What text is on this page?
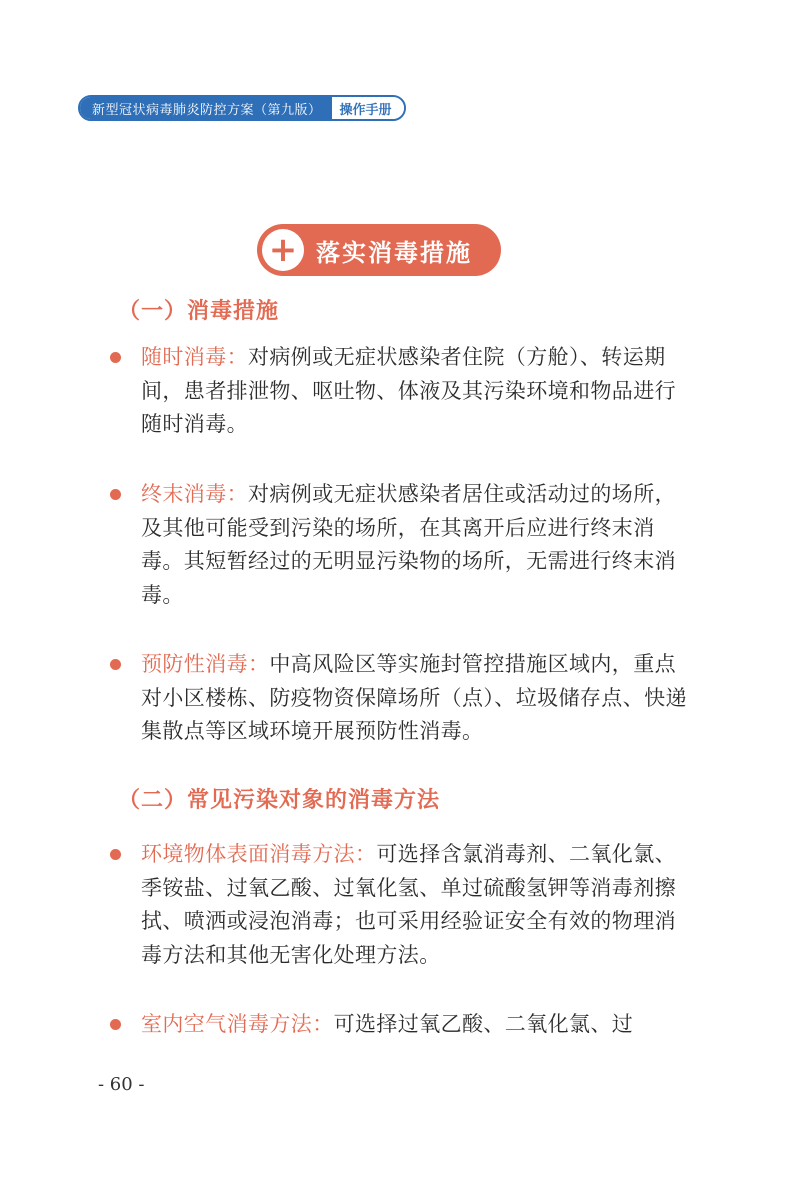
新型冠状病毒肺炎防控方案（第九版）	操作手册
+ 落实消毒措施
（一）消毒措施
随时消毒：对病例或无症状感染者住院（方舱）、转运期间，患者排泄物、呕吐物、体液及其污染环境和物品进行随时消毒。
终末消毒：对病例或无症状感染者居住或活动过的场所，及其他可能受到污染的场所，在其离开后应进行终末消毒。其短暂经过的无明显污染物的场所，无需进行终末消毒。
预防性消毒：中高风险区等实施封管控措施区域内，重点对小区楼栋、防疫物资保障场所（点）、垃圾储存点、快递集散点等区域环境开展预防性消毒。
（二）常见污染对象的消毒方法
环境物体表面消毒方法：可选择含氯消毒剂、二氧化氯、季铵盐、过氧乙酸、过氧化氢、单过硫酸氢钾等消毒剂擦拭、喷洒或浸泡消毒；也可采用经验证安全有效的物理消毒方法和其他无害化处理方法。
室内空气消毒方法：可选择过氧乙酸、二氧化氯、过
- 60 -
